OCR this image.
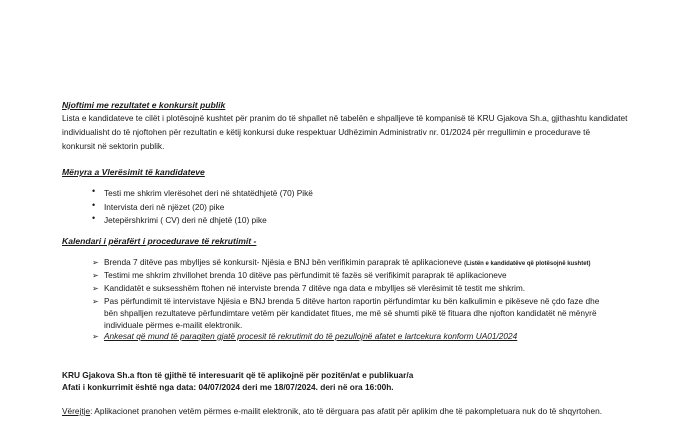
Njoftimi me rezultatet e konkursit publik
Lista e kandidateve te cilët i plotësojnë kushtet për pranim do të shpallet në tabelën e shpalljeve të kompanisë të KRU Gjakova Sh.a, gjithashtu kandidatet
individualisht do të njoftohen për rezultatin e këtij konkursi duke respektuar Udhëzimin Administrativ nr. 01/2024 për rregullimin e procedurave të
konkursit në sektorin publik.
Mënyra a Vlerësimit të kandidateve
• Testi me shkrim vlerësohet deri në shtatëdhjetë (70) Pikë
• Intervista deri në njëzet (20) pike
• Jetepërshkrimi ( CV) deri në dhjetë (10) pike
Kalendari i përafërt i procedurave të rekrutimit -
➢ Brenda 7 ditëve pas mbylljes së konkursit- Njësia e BNJ bën verifikimin paraprak të aplikacioneve (Listën e kandidatëve që plotësojnë kushtet)
➢ Testimi me shkrim zhvillohet brenda 10 ditëve pas përfundimit të fazës së verifikimit paraprak të aplikacioneve
➢ Kandidatët e suksesshëm ftohen në interviste brenda 7 ditëve nga data e mbylljes së vlerësimit të testit me shkrim.
➢ Pas përfundimit të intervistave Njësia e BNJ brenda 5 ditëve harton raportin përfundimtar ku bën kalkulimin e pikëseve në çdo faze dhe
bën shpalljen rezultateve përfundimtare vetëm për kandidatet fitues, me më së shumti pikë të fituara dhe njofton kandidatët në mënyrë
individuale përmes e-mailit elektronik.
➢ Ankesat që mund të paraqiten gjatë procesit të rekrutimit do të pezullojnë afatet e lartcekura konform UA01/2024
KRU Gjakova Sh.a fton të gjithë të interesuarit që të aplikojnë për pozitën/at e publikuar/a
Afati i konkurrimit është nga data: 04/07/2024 deri me 18/07/2024. deri në ora 16:00h.
Vërejtje: Aplikacionet pranohen vetëm përmes e-mailit elektronik, ato të dërguara pas afatit për aplikim dhe të pakompletuara nuk do të shqyrtohen.
